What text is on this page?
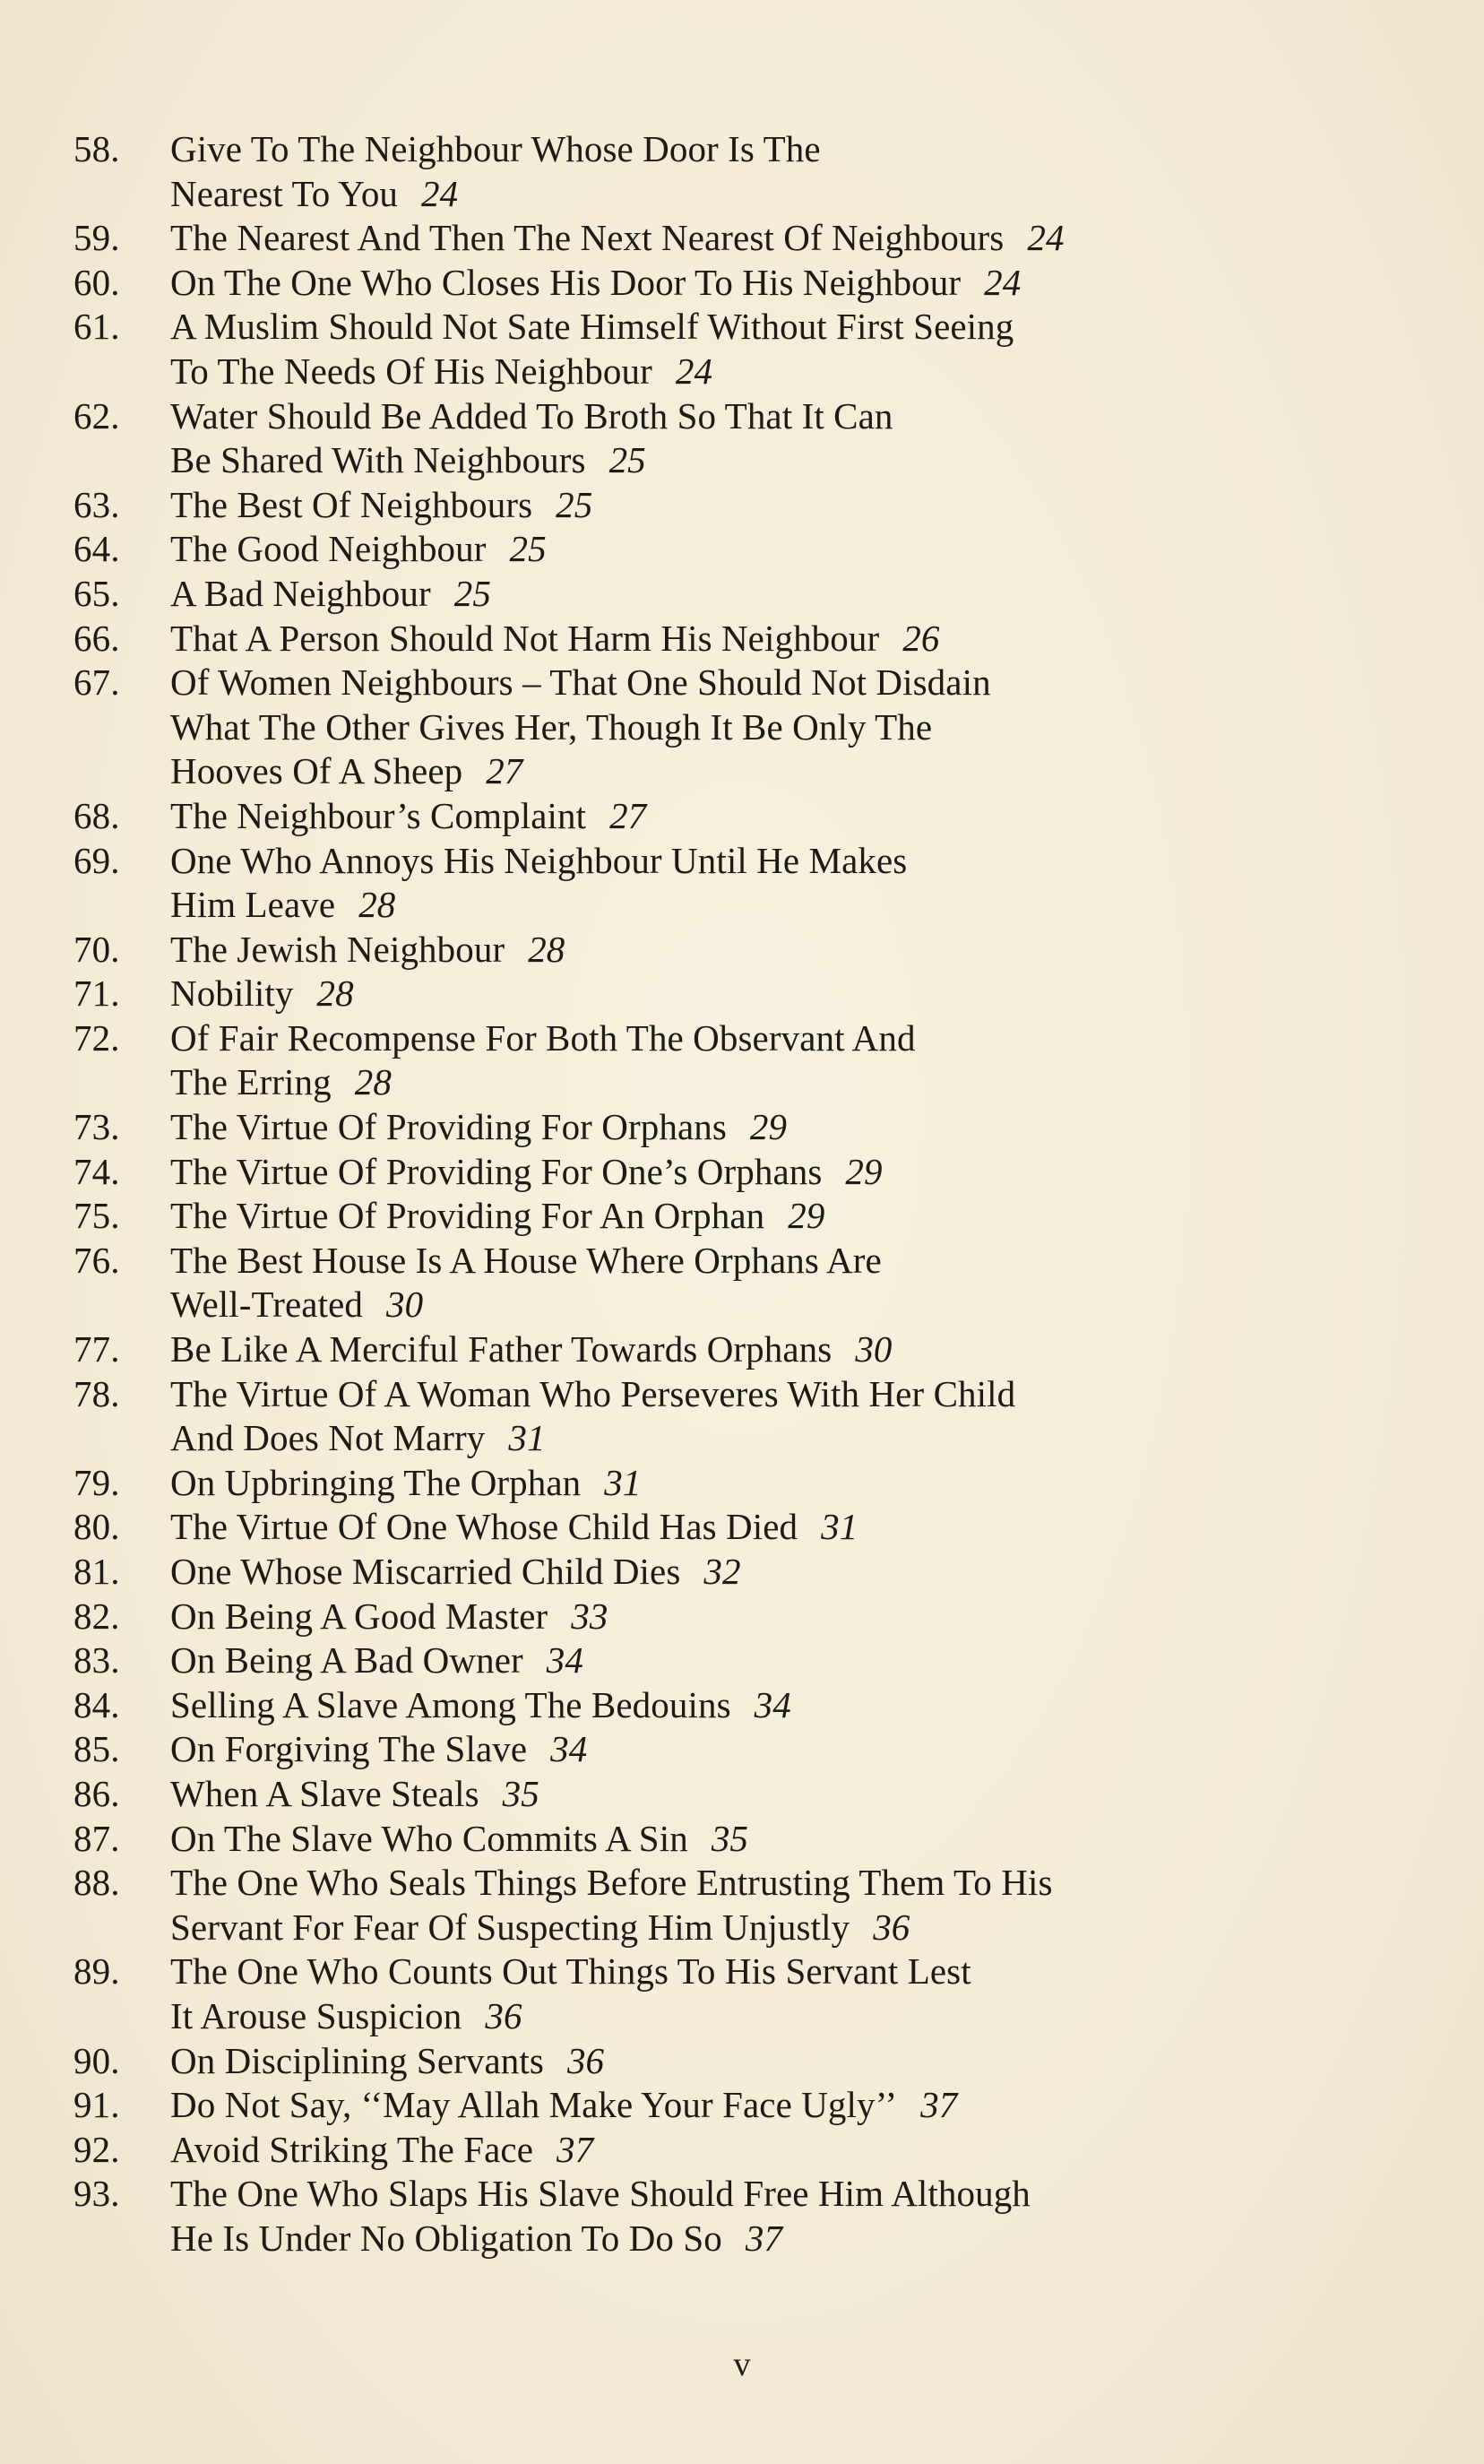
58.	Give To The Neighbour Whose Door Is The
Nearest To You 24
59.	The Nearest And Then The Next Nearest Of Neighbours 24
60.	On The One Who Closes His Door To His Neighbour 24
61.	A Muslim Should Not Sate Himself Without First Seeing
To The Needs Of His Neighbour 24
62.	Water Should Be Added To Broth So That It Can
Be Shared With Neighbours 25
63.	The Best Of Neighbours 25
64.	The Good Neighbour 25
65.	A Bad Neighbour 25
66.	That A Person Should Not Harm His Neighbour 26
67.	Of Women Neighbours – That One Should Not Disdain
What The Other Gives Her, Though It Be Only The
Hooves Of A Sheep 27
68.	The Neighbour’s Complaint 27
69.	One Who Annoys His Neighbour Until He Makes
Him Leave 28
70.	The Jewish Neighbour 28
71.	Nobility 28
72.	Of Fair Recompense For Both The Observant And
The Erring 28
73.	The Virtue Of Providing For Orphans 29
74.	The Virtue Of Providing For One’s Orphans 29
75.	The Virtue Of Providing For An Orphan 29
76.	The Best House Is A House Where Orphans Are
Well-Treated 30
77.	Be Like A Merciful Father Towards Orphans 30
78.	The Virtue Of A Woman Who Perseveres With Her Child
And Does Not Marry 31
79.	On Upbringing The Orphan 31
80.	The Virtue Of One Whose Child Has Died 31
81.	One Whose Miscarried Child Dies 32
82.	On Being A Good Master 33
83.	On Being A Bad Owner 34
84.	Selling A Slave Among The Bedouins 34
85.	On Forgiving The Slave 34
86.	When A Slave Steals 35
87.	On The Slave Who Commits A Sin 35
88.	The One Who Seals Things Before Entrusting Them To His
Servant For Fear Of Suspecting Him Unjustly 36
89.	The One Who Counts Out Things To His Servant Lest
It Arouse Suspicion 36
90.	On Disciplining Servants 36
91.	Do Not Say, ‘‘May Allah Make Your Face Ugly’’ 37
92.	Avoid Striking The Face 37
93.	The One Who Slaps His Slave Should Free Him Although
He Is Under No Obligation To Do So 37
v
